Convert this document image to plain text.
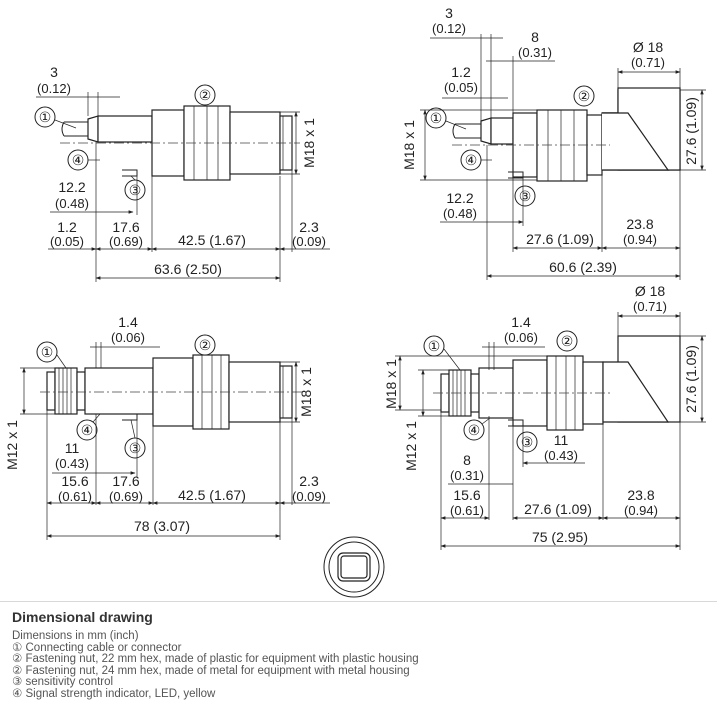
①
②
④
③
3
(0.12)
M18 x 1
12.2
(0.48)
1.2
(0.05)
17.6
(0.69)	42.5 (1.67)
2.3
(0.09)
63.6 (2.50)
①
②
④
③
3
(0.12)
8
(0.31)
1.2
(0.05)
Ø 18
(0.71)
27.6 (1.09)
M18 x 1
12.2
(0.48)
27.6 (1.09)
23.8
(0.94)
60.6 (2.39)
①	②
④
③
1.4
(0.06)
M12 x 1
M18 x 1
11
(0.43)
15.6
(0.61)
17.6
(0.69)	42.5 (1.67)
2.3
(0.09)
78 (3.07)
①	②
④
③
1.4
(0.06)
Ø 18
(0.71)
27.6 (1.09)
M18 x 1
M12 x 1	11
(0.43)
8
(0.31)
15.6
(0.61)	27.6 (1.09)
23.8
(0.94)
75 (2.95)
Dimensional drawing
Dimensions in mm (inch)
① Connecting cable or connector
② Fastening nut, 22 mm hex, made of plastic for equipment with plastic housing
② Fastening nut, 24 mm hex, made of metal for equipment with metal housing
③ sensitivity control
④ Signal strength indicator, LED, yellow
